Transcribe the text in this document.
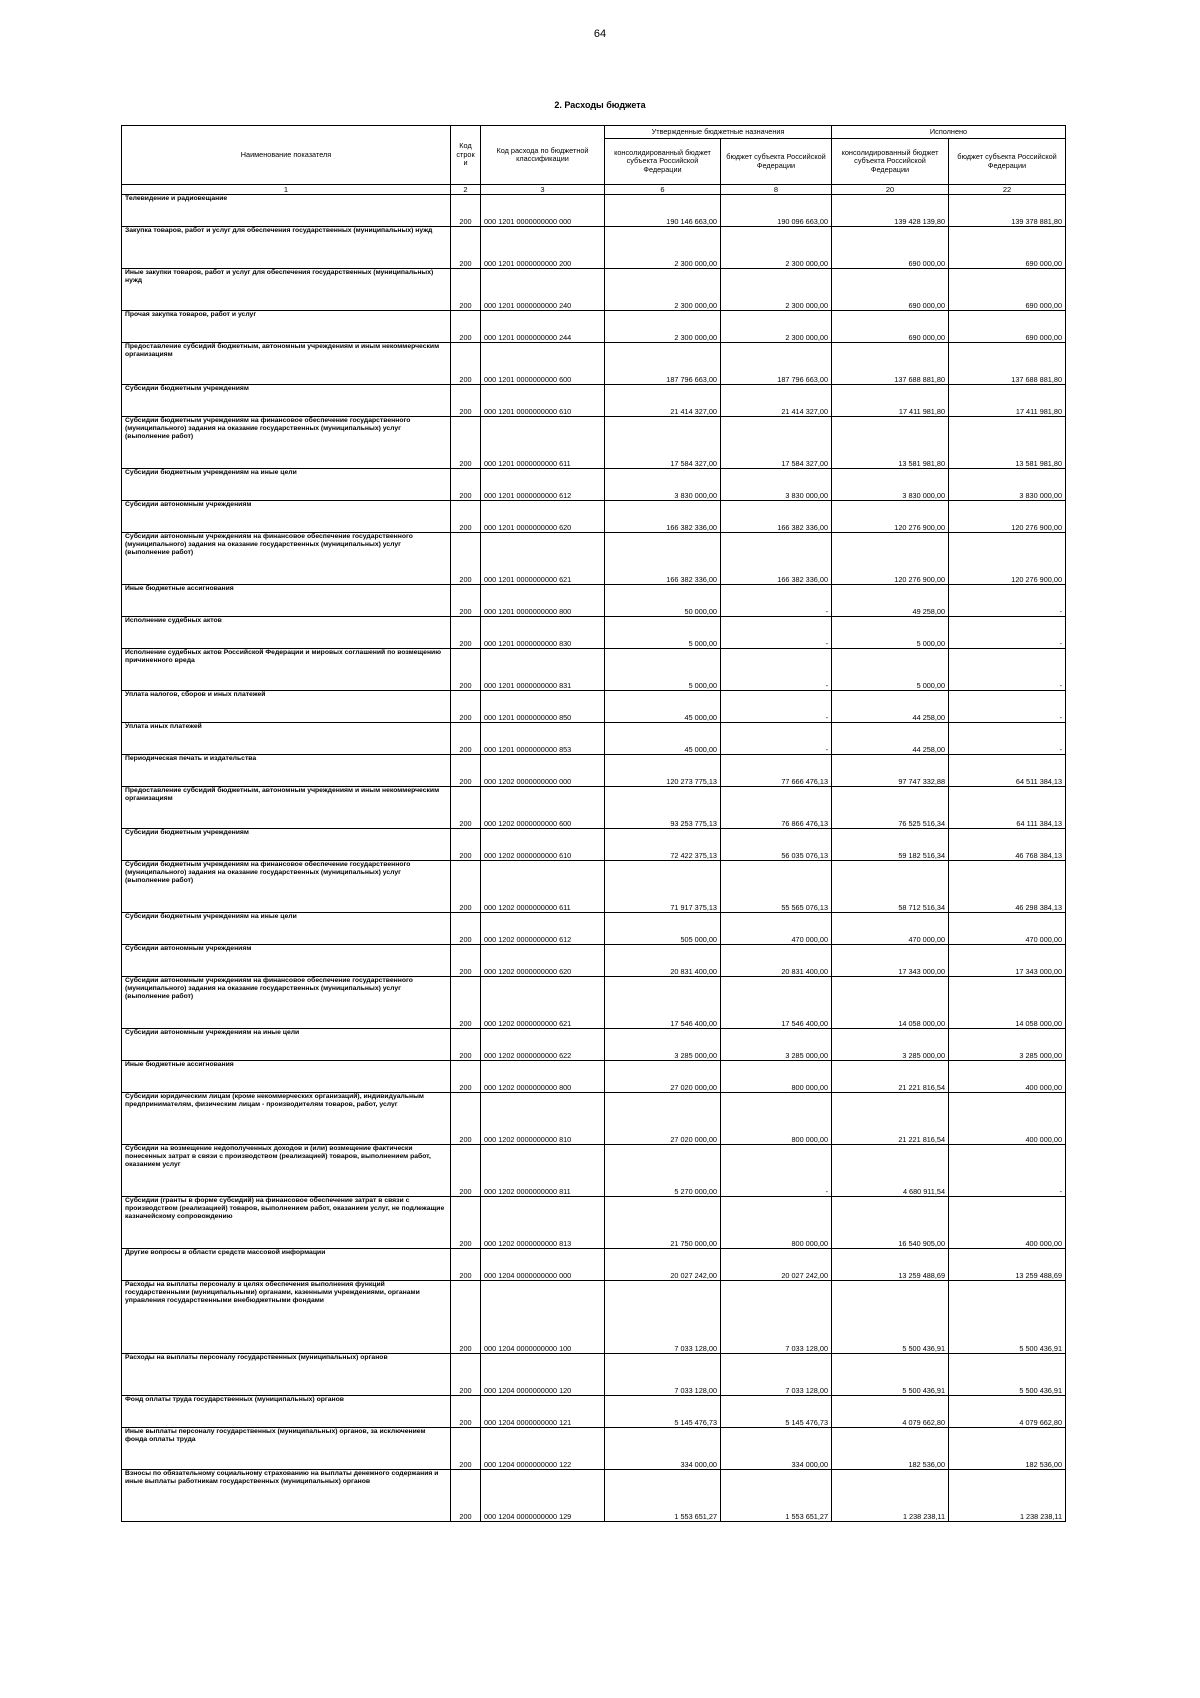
64
2. Расходы бюджета
Наименование показателя	Код строк и	Код расхода по бюджетной классификации	Утвержденные бюджетные назначения		Исполнено	
			консолидированный бюджет субъекта Российской Федерации	бюджет субъекта Российской Федерации	консолидированный бюджет субъекта Российской Федерации	бюджет субъекта Российской Федерации
1	2	3	6	8	20	22
Телевидение и радиовещание	200	000 1201 0000000000 000	190 146 663,00	190 096 663,00	139 428 139,80	139 378 881,80
Закупка товаров, работ и услуг для обеспечения государственных (муниципальных) нужд	200	000 1201 0000000000 200	2 300 000,00	2 300 000,00	690 000,00	690 000,00
Иные закупки товаров, работ и услуг для обеспечения государственных (муниципальных) нужд	200	000 1201 0000000000 240	2 300 000,00	2 300 000,00	690 000,00	690 000,00
Прочая закупка товаров, работ и услуг	200	000 1201 0000000000 244	2 300 000,00	2 300 000,00	690 000,00	690 000,00
Предоставление субсидий бюджетным, автономным учреждениям и иным некоммерческим организациям	200	000 1201 0000000000 600	187 796 663,00	187 796 663,00	137 688 881,80	137 688 881,80
Субсидии бюджетным учреждениям	200	000 1201 0000000000 610	21 414 327,00	21 414 327,00	17 411 981,80	17 411 981,80
Субсидии бюджетным учреждениям на финансовое обеспечение государственного (муниципального) задания на оказание государственных (муниципальных) услуг (выполнение работ)	200	000 1201 0000000000 611	17 584 327,00	17 584 327,00	13 581 981,80	13 581 981,80
Субсидии бюджетным учреждениям на иные цели	200	000 1201 0000000000 612	3 830 000,00	3 830 000,00	3 830 000,00	3 830 000,00
Субсидии автономным учреждениям	200	000 1201 0000000000 620	166 382 336,00	166 382 336,00	120 276 900,00	120 276 900,00
Субсидии автономным учреждениям на финансовое обеспечение государственного (муниципального) задания на оказание государственных (муниципальных) услуг (выполнение работ)	200	000 1201 0000000000 621	166 382 336,00	166 382 336,00	120 276 900,00	120 276 900,00
Иные бюджетные ассигнования	200	000 1201 0000000000 800	50 000,00	-	49 258,00	-
Исполнение судебных актов	200	000 1201 0000000000 830	5 000,00	-	5 000,00	-
Исполнение судебных актов Российской Федерации и мировых соглашений по возмещению причиненного вреда	200	000 1201 0000000000 831	5 000,00	-	5 000,00	-
Уплата налогов, сборов и иных платежей	200	000 1201 0000000000 850	45 000,00	-	44 258,00	-
Уплата иных платежей	200	000 1201 0000000000 853	45 000,00	-	44 258,00	-
Периодическая печать и издательства	200	000 1202 0000000000 000	120 273 775,13	77 666 476,13	97 747 332,88	64 511 384,13
Предоставление субсидий бюджетным, автономным учреждениям и иным некоммерческим организациям	200	000 1202 0000000000 600	93 253 775,13	76 866 476,13	76 525 516,34	64 111 384,13
Субсидии бюджетным учреждениям	200	000 1202 0000000000 610	72 422 375,13	56 035 076,13	59 182 516,34	46 768 384,13
Субсидии бюджетным учреждениям на финансовое обеспечение государственного (муниципального) задания на оказание государственных (муниципальных) услуг (выполнение работ)	200	000 1202 0000000000 611	71 917 375,13	55 565 076,13	58 712 516,34	46 298 384,13
Субсидии бюджетным учреждениям на иные цели	200	000 1202 0000000000 612	505 000,00	470 000,00	470 000,00	470 000,00
Субсидии автономным учреждениям	200	000 1202 0000000000 620	20 831 400,00	20 831 400,00	17 343 000,00	17 343 000,00
Субсидии автономным учреждениям на финансовое обеспечение государственного (муниципального) задания на оказание государственных (муниципальных) услуг (выполнение работ)	200	000 1202 0000000000 621	17 546 400,00	17 546 400,00	14 058 000,00	14 058 000,00
Субсидии автономным учреждениям на иные цели	200	000 1202 0000000000 622	3 285 000,00	3 285 000,00	3 285 000,00	3 285 000,00
Иные бюджетные ассигнования	200	000 1202 0000000000 800	27 020 000,00	800 000,00	21 221 816,54	400 000,00
Субсидии юридическим лицам (кроме некоммерческих организаций), индивидуальным предпринимателям, физическим лицам - производителям товаров, работ, услуг	200	000 1202 0000000000 810	27 020 000,00	800 000,00	21 221 816,54	400 000,00
Субсидии на возмещение недополученных доходов и (или) возмещение фактически понесенных затрат в связи с производством (реализацией) товаров, выполнением работ, оказанием услуг	200	000 1202 0000000000 811	5 270 000,00	-	4 680 911,54	-
Субсидии (гранты в форме субсидий) на финансовое обеспечение затрат в связи с производством (реализацией) товаров, выполнением работ, оказанием услуг, не подлежащие казначейскому сопровождению	200	000 1202 0000000000 813	21 750 000,00	800 000,00	16 540 905,00	400 000,00
Другие вопросы в области средств массовой информации	200	000 1204 0000000000 000	20 027 242,00	20 027 242,00	13 259 488,69	13 259 488,69
Расходы на выплаты персоналу в целях обеспечения выполнения функций государственными (муниципальными) органами, казенными учреждениями, органами управления государственными внебюджетными фондами	200	000 1204 0000000000 100	7 033 128,00	7 033 128,00	5 500 436,91	5 500 436,91
Расходы на выплаты персоналу государственных (муниципальных) органов	200	000 1204 0000000000 120	7 033 128,00	7 033 128,00	5 500 436,91	5 500 436,91
Фонд оплаты труда государственных (муниципальных) органов	200	000 1204 0000000000 121	5 145 476,73	5 145 476,73	4 079 662,80	4 079 662,80
Иные выплаты персоналу государственных (муниципальных) органов, за исключением фонда оплаты труда	200	000 1204 0000000000 122	334 000,00	334 000,00	182 536,00	182 536,00
Взносы по обязательному социальному страхованию на выплаты денежного содержания и иные выплаты работникам государственных (муниципальных) органов	200	000 1204 0000000000 129	1 553 651,27	1 553 651,27	1 238 238,11	1 238 238,11
